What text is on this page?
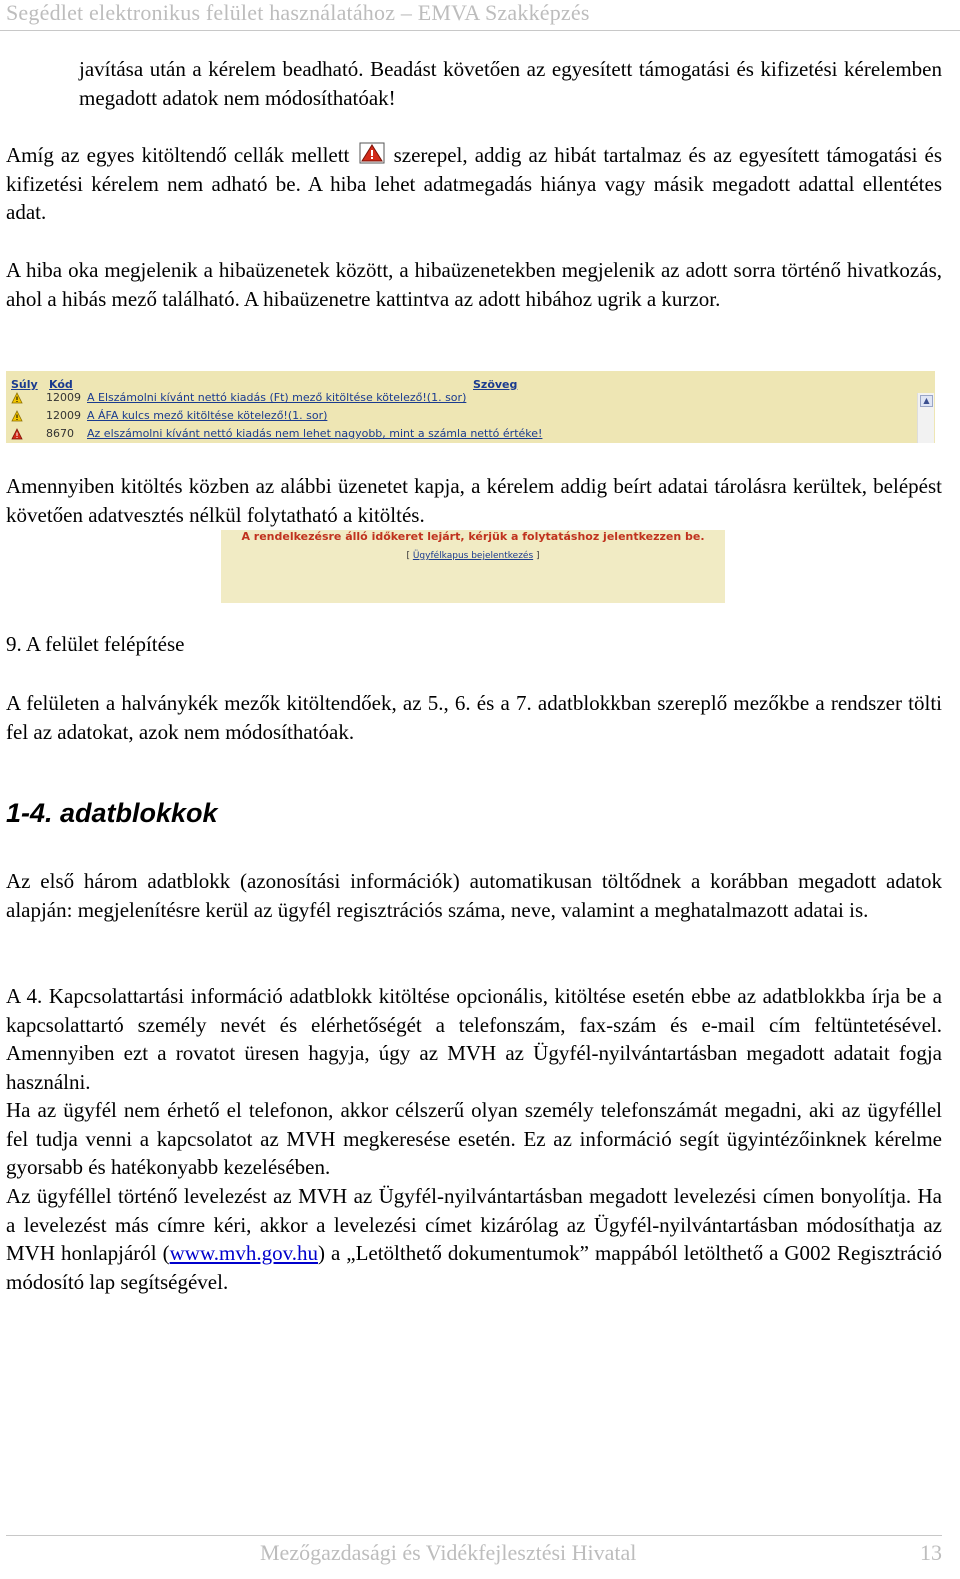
Segédlet elektronikus felület használatához – EMVA Szakképzés

javítása után a kérelem beadható. Beadást követően az egyesített támogatási és kifizetési kérelemben megadott adatok nem módosíthatóak!

Amíg az egyes kitöltendő cellák mellett szerepel, addig az hibát tartalmaz és az egyesített támogatási és kifizetési kérelem nem adható be. A hiba lehet adatmegadás hiánya vagy másik megadott adattal ellentétes adat.

A hiba oka megjelenik a hibaüzenetek között, a hibaüzenetekben megjelenik az adott sorra történő hivatkozás, ahol a hibás mező található. A hibaüzenetre kattintva az adott hibához ugrik a kurzor.

Súly Kód	Szöveg
12009 A Elszámolni kívánt nettó kiadás (Ft) mező kitöltése kötelező!(1. sor)
12009 A ÁFA kulcs mező kitöltése kötelező!(1. sor)
8670 Az elszámolni kívánt nettó kiadás nem lehet nagyobb, mint a számla nettó értéke!
▲

Amennyiben kitöltés közben az alábbi üzenetet kapja, a kérelem addig beírt adatai tárolásra kerültek, belépést követően adatvesztés nélkül folytatható a kitöltés.

A rendelkezésre álló időkeret lejárt, kérjük a folytatáshoz jelentkezzen be.
[ Ügyfélkapus bejelentkezés ]
9. A felület felépítése

A felületen a halványkék mezők kitöltendőek, az 5., 6. és a 7. adatblokkban szereplő mezőkbe a rendszer tölti fel az adatokat, azok nem módosíthatóak.

1-4. adatblokkok

Az első három adatblokk (azonosítási információk) automatikusan töltődnek a korábban megadott adatok alapján: megjelenítésre kerül az ügyfél regisztrációs száma, neve, valamint a meghatalmazott adatai is.

A 4. Kapcsolattartási információ adatblokk kitöltése opcionális, kitöltése esetén ebbe az adatblokkba írja be a kapcsolattartó személy nevét és elérhetőségét a telefonszám, fax-szám és e-mail cím feltüntetésével. Amennyiben ezt a rovatot üresen hagyja, úgy az MVH az Ügyfél-nyilvántartásban megadott adatait fogja használni.

Ha az ügyfél nem érhető el telefonon, akkor célszerű olyan személy telefonszámát megadni, aki az ügyféllel fel tudja venni a kapcsolatot az MVH megkeresése esetén. Ez az információ segít ügyintézőinknek kérelme gyorsabb és hatékonyabb kezelésében.

Az ügyféllel történő levelezést az MVH az Ügyfél-nyilvántartásban megadott levelezési címen bonyolítja. Ha a levelezést más címre kéri, akkor a levelezési címet kizárólag az Ügyfél-nyilvántartásban módosíthatja az MVH honlapjáról (www.mvh.gov.hu) a „Letölthető dokumentumok” mappából letölthető a G002 Regisztráció módosító lap segítségével.

Mezőgazdasági és Vidékfejlesztési Hivatal	13
